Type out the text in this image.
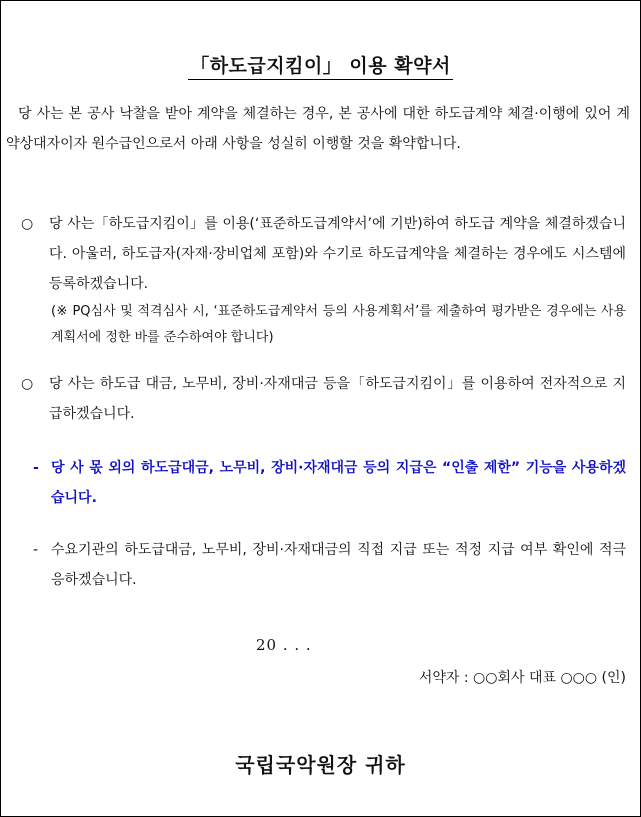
「하도급지킴이」 이용 확약서
당 사는 본 공사 낙찰을 받아 계약을 체결하는 경우, 본 공사에 대한 하도급계약 체결·이행에 있어 계약상대자이자 원수급인으로서 아래 사항을 성실히 이행할 것을 확약합니다.
○	당 사는「하도급지킴이」를 이용(‘표준하도급계약서’에 기반)하여 하도급 계약을 체결하겠습니다. 아울러, 하도급자(자재·장비업체 포함)와 수기로 하도급계약을 체결하는 경우에도 시스템에 등록하겠습니다.
(※ PQ심사 및 적격심사 시, ‘표준하도급계약서 등의 사용계획서’를 제출하여 평가받은 경우에는 사용계획서에 정한 바를 준수하여야 합니다)
○	당 사는 하도급 대금, 노무비, 장비·자재대금 등을「하도급지킴이」를 이용하여 전자적으로 지급하겠습니다.
- 당 사 몫 외의 하도급대금, 노무비, 장비·자재대금 등의 지급은 “인출 제한” 기능을 사용하겠습니다.
- 수요기관의 하도급대금, 노무비, 장비·자재대금의 직접 지급 또는 적정 지급 여부 확인에 적극 응하겠습니다.
20 . . .
서약자 : ○○회사 대표 ○○○ (인)
국립국악원장 귀하
